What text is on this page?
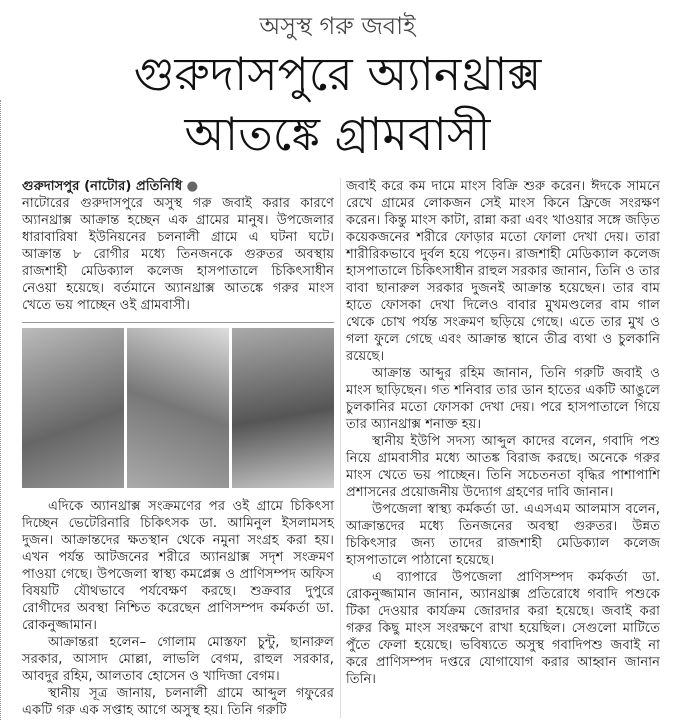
অসুস্থ গরু জবাই
গুরুদাসপুরে অ্যানথ্রাক্স
আতঙ্কে গ্রামবাসী
গুরুদাসপুর (নাটোর) প্রতিনিধি ●

নাটোরের গুরুদাসপুরে অসুস্থ গরু জবাই করার কারণে অ্যানথ্রাক্স আক্রান্ত হচ্ছেন এক গ্রামের মানুষ। উপজেলার ধারাবারিষা ইউনিয়নের চলনালী গ্রামে এ ঘটনা ঘটে। আক্রান্ত ৮ রোগীর মধ্যে তিনজনকে গুরুতর অবস্থায় রাজশাহী মেডিক্যাল কলেজ হাসপাতালে চিকিৎসাধীন নেওয়া হয়েছে। বর্তমানে অ্যানথ্রাক্স আতঙ্কে গরুর মাংস খেতে ভয় পাচ্ছেন ওই গ্রামবাসী।

এদিকে অ্যানথ্রাক্স সংক্রমণের পর ওই গ্রামে চিকিৎসা দিচ্ছেন ভেটেরিনারি চিকিৎসক ডা. আমিনুল ইসলামসহ দুজন। আক্রান্তদের ক্ষতস্থান থেকে নমুনা সংগ্রহ করা হয়। এখন পর্যন্ত আটজনের শরীরে অ্যানথ্রাক্স সদৃশ সংক্রমণ পাওয়া গেছে। উপজেলা স্বাস্থ্য কমপ্লেক্স ও প্রাণিসম্পদ অফিস বিষয়টি যৌথভাবে পর্যবেক্ষণ করছে। শুক্রবার দুপুরে রোগীদের অবস্থা নিশ্চিত করেছেন প্রাণিসম্পদ কর্মকর্তা ডা. রোকনুজ্জামান।

আক্রান্তরা হলেন– গোলাম মোস্তফা চুন্টু, ছানারুল সরকার, আসাদ মোল্লা, লাভলি বেগম, রাহুল সরকার, আবদুর রহিম, আলতাব হোসেন ও খাদিজা বেগম।

স্থানীয় সূত্র জানায়, চলনালী গ্রামে আব্দুল গফুরের একটি গরু এক সপ্তাহ আগে অসুস্থ হয়। তিনি গরুটি

জবাই করে কম দামে মাংস বিক্রি শুরু করেন। ঈদকে সামনে রেখে গ্রামের লোকজন সেই মাংস কিনে ফ্রিজে সংরক্ষণ করেন। কিন্তু মাংস কাটা, রান্না করা এবং খাওয়ার সঙ্গে জড়িত কয়েকজনের শরীরে ফোড়ার মতো ফোলা দেখা দেয়। তারা শারীরিকভাবে দুর্বল হয়ে পড়েন। রাজশাহী মেডিক্যাল কলেজ হাসপাতালে চিকিৎসাধীন রাহুল সরকার জানান, তিনি ও তার বাবা ছানারুল সরকার দুজনই আক্রান্ত হয়েছেন। তার বাম হাতে ফোসকা দেখা দিলেও বাবার মুখমণ্ডলের বাম গাল থেকে চোখ পর্যন্ত সংক্রমণ ছড়িয়ে গেছে। এতে তার মুখ ও গলা ফুলে গেছে এবং আক্রান্ত স্থানে তীব্র ব্যথা ও চুলকানি রয়েছে।

আক্রান্ত আব্দুর রহিম জানান, তিনি গরুটি জবাই ও মাংস ছাড়িছেন। গত শনিবার তার ডান হাতের একটি আঙুলে চুলকানির মতো ফোসকা দেখা দেয়। পরে হাসপাতালে গিয়ে তার অ্যানথ্রাক্স শনাক্ত হয়।

স্থানীয় ইউপি সদস্য আব্দুল কাদের বলেন, গবাদি পশু নিয়ে গ্রামবাসীর মধ্যে আতঙ্ক বিরাজ করছে। অনেকে গরুর মাংস খেতে ভয় পাচ্ছেন। তিনি সচেতনতা বৃদ্ধির পাশাপাশি প্রশাসনের প্রয়োজনীয় উদ্যোগ গ্রহণের দাবি জানান।

উপজেলা স্বাস্থ্য কর্মকর্তা ডা. এএসএম আলমাস বলেন, আক্রান্তদের মধ্যে তিনজনের অবস্থা গুরুতর। উন্নত চিকিৎসার জন্য তাদের রাজশাহী মেডিক্যাল কলেজ হাসপাতালে পাঠানো হয়েছে।

এ ব্যাপারে উপজেলা প্রাণিসম্পদ কর্মকর্তা ডা. রোকনুজ্জামান জানান, অ্যানথ্রাক্স প্রতিরোধে গবাদি পশুকে টিকা দেওয়ার কার্যক্রম জোরদার করা হয়েছে। জবাই করা গরুর কিছু মাংস সংরক্ষণে রাখা হয়েছিল। সেগুলো মাটিতে পুঁতে ফেলা হয়েছে। ভবিষ্যতে অসুস্থ গবাদিপশু জবাই না করে প্রাণিসম্পদ দপ্তরে যোগাযোগ করার আহ্বান জানান তিনি।
